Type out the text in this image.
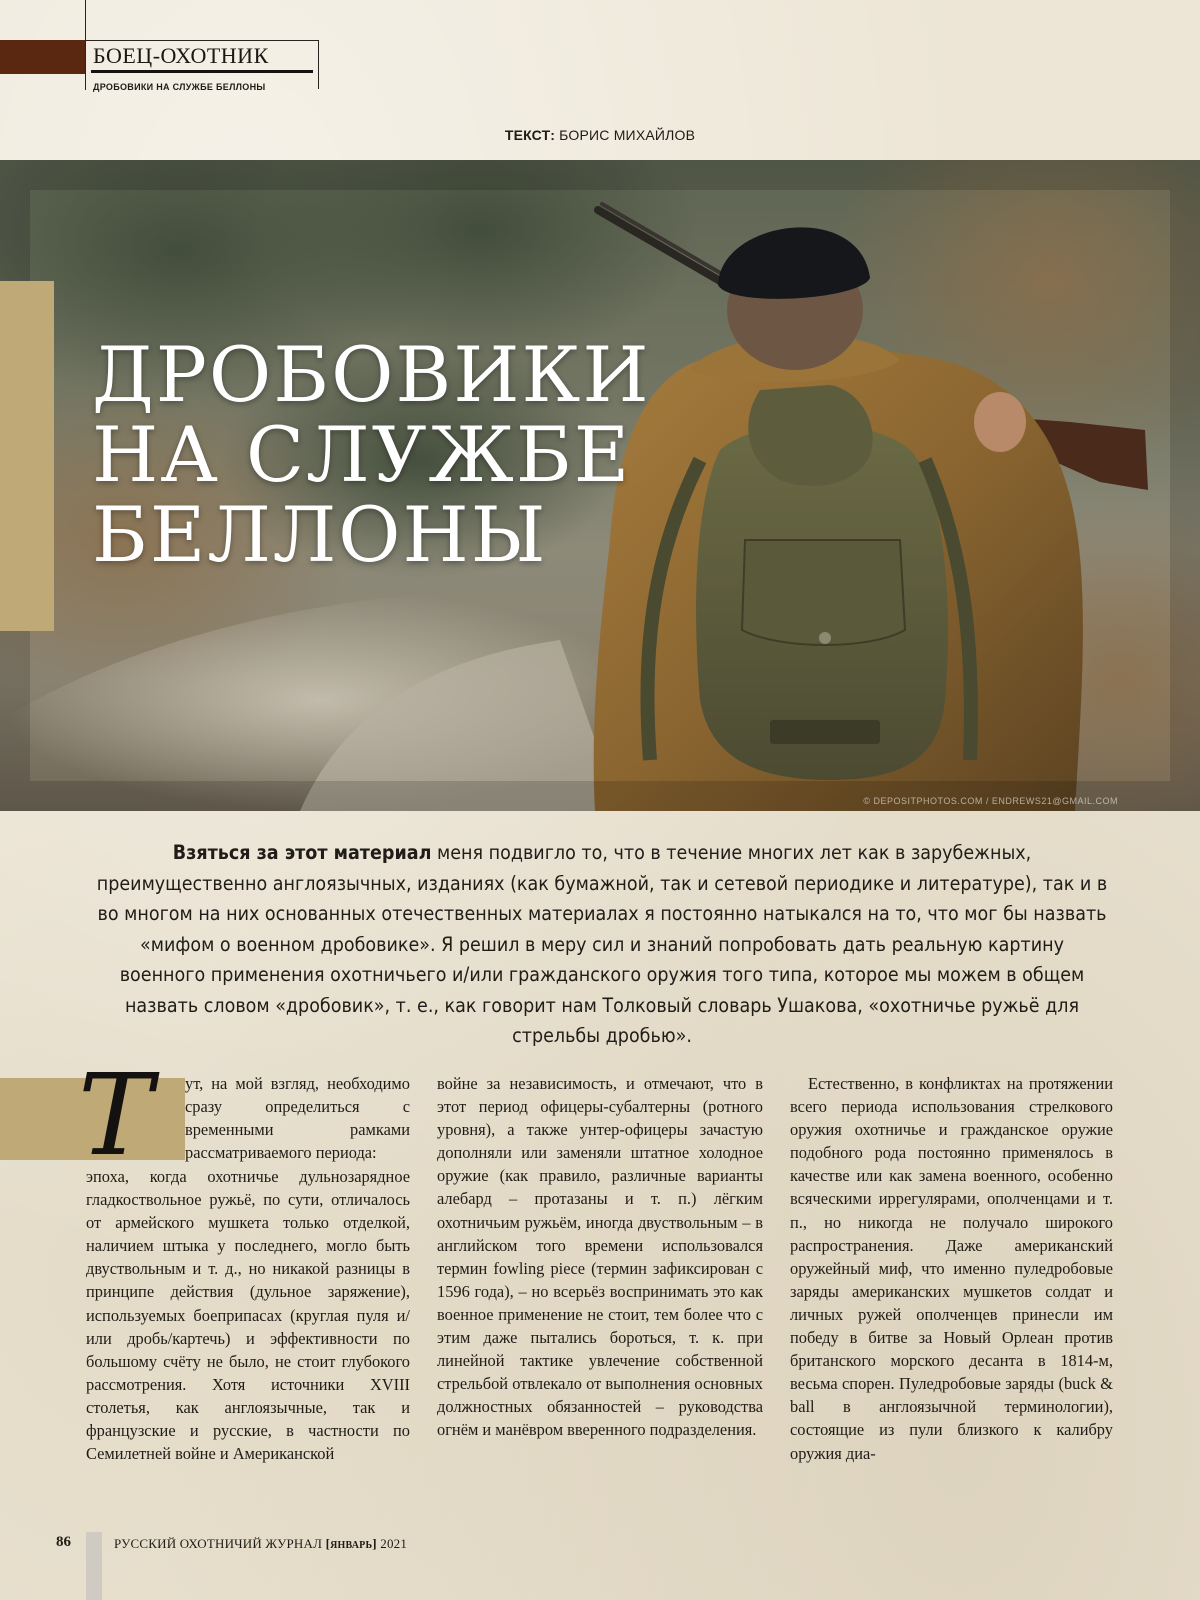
БОЕЦ-ОХОТНИК
ДРОБОВИКИ НА СЛУЖБЕ БЕЛЛОНЫ
ТЕКСТ: БОРИС МИХАЙЛОВ
ДРОБОВИКИ
НА СЛУЖБЕ
БЕЛЛОНЫ
© DEPOSITPHOTOS.COM / ENDREWS21@GMAIL.COM

Взяться за этот материал меня подвигло то, что в течение многих лет как в зарубежных, преимущественно англоязычных, изданиях (как бумажной, так и сетевой периодике и литературе), так и в во многом на них основанных отечественных материалах я постоянно натыкался на то, что мог бы назвать «мифом о военном дробовике». Я решил в меру сил и знаний попробовать дать реальную картину военного применения охотничьего и/или гражданского оружия того типа, которое мы можем в общем назвать словом «дробовик», т. е., как говорит нам Толковый словарь Ушакова, «охотничье ружьё для стрельбы дробью».

Т ут, на мой взгляд, необходимо сразу определиться с временными рамками рассматриваемого периода:

эпоха, когда охотничье дульнозарядное гладкоствольное ружьё, по сути, отличалось от армейского мушкета только отделкой, наличием штыка у последнего, могло быть двуствольным и т. д., но никакой разницы в принципе действия (дульное заряжение), используемых боеприпасах (круглая пуля и/или дробь/картечь) и эффективности по большому счёту не было, не стоит глубокого рассмотрения. Хотя источники XVIII столетья, как англоязычные, так и французские и русские, в частности по Семилетней войне и Американской

войне за независимость, и отмечают, что в этот период офицеры-субалтерны (ротного уровня), а также унтер-офицеры зачастую дополняли или заменяли штатное холодное оружие (как правило, различные варианты алебард – протазаны и т. п.) лёгким охотничьим ружьём, иногда двуствольным – в английском того времени использовался термин fowling piece (термин зафиксирован с 1596 года), – но всерьёз воспринимать это как военное применение не стоит, тем более что с этим даже пытались бороться, т. к. при линейной тактике увлечение собственной стрельбой отвлекало от выполнения основных должностных обязанностей – руководства огнём и манёвром вверенного подразделения.

Естественно, в конфликтах на протяжении всего периода использования стрелкового оружия охотничье и гражданское оружие подобного рода постоянно применялось в качестве или как замена военного, особенно всяческими иррегулярами, ополченцами и т. п., но никогда не получало широкого распространения. Даже американский оружейный миф, что именно пуледробовые заряды американских мушкетов солдат и личных ружей ополченцев принесли им победу в битве за Новый Орлеан против британского морского десанта в 1814-м, весьма спорен. Пуледробовые заряды (buck & ball в англоязычной терминологии), состоящие из пули близкого к калибру оружия диа-

86	РУССКИЙ ОХОТНИЧИЙ ЖУРНАЛ [ЯНВАРЬ] 2021
